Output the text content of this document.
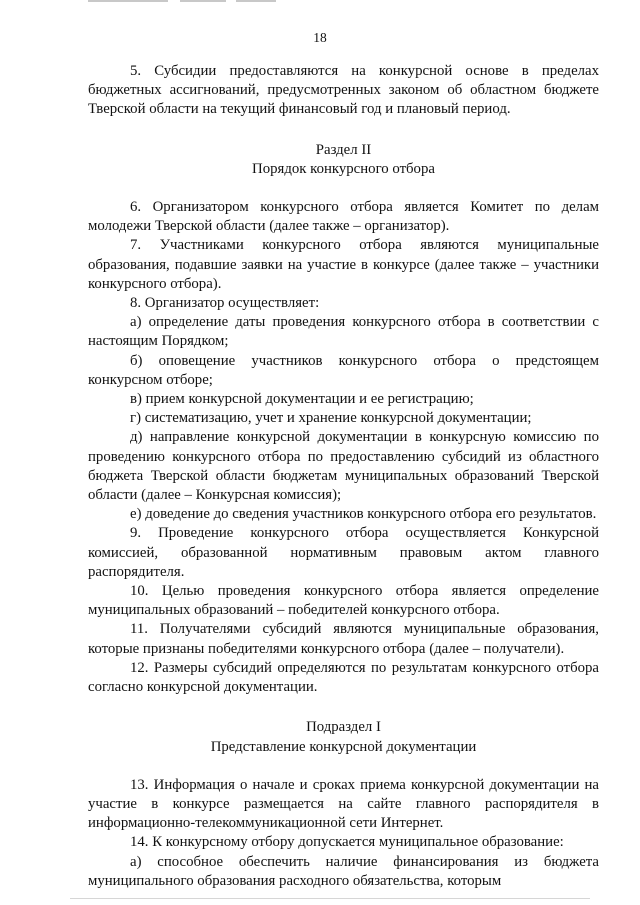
18

5. Субсидии предоставляются на конкурсной основе в пределах бюджетных ассигнований, предусмотренных законом об областном бюджете Тверской области на текущий финансовый год и плановый период.

Раздел II

Порядок конкурсного отбора

6. Организатором конкурсного отбора является Комитет по делам молодежи Тверской области (далее также – организатор).

7. Участниками конкурсного отбора являются муниципальные образования, подавшие заявки на участие в конкурсе (далее также – участники конкурсного отбора).

8. Организатор осуществляет:

а) определение даты проведения конкурсного отбора в соответствии с настоящим Порядком;

б) оповещение участников конкурсного отбора о предстоящем конкурсном отборе;

в) прием конкурсной документации и ее регистрацию;

г) систематизацию, учет и хранение конкурсной документации;

д) направление конкурсной документации в конкурсную комиссию по проведению конкурсного отбора по предоставлению субсидий из областного бюджета Тверской области бюджетам муниципальных образований Тверской области (далее – Конкурсная комиссия);

е) доведение до сведения участников конкурсного отбора его результатов.

9. Проведение конкурсного отбора осуществляется Конкурсной комиссией, образованной нормативным правовым актом главного распорядителя.

10. Целью проведения конкурсного отбора является определение муниципальных образований – победителей конкурсного отбора.

11. Получателями субсидий являются муниципальные образования, которые признаны победителями конкурсного отбора (далее – получатели).

12. Размеры субсидий определяются по результатам конкурсного отбора согласно конкурсной документации.

Подраздел I

Представление конкурсной документации

13. Информация о начале и сроках приема конкурсной документации на участие в конкурсе размещается на сайте главного распорядителя в информационно-телекоммуникационной сети Интернет.

14. К конкурсному отбору допускается муниципальное образование:

а) способное обеспечить наличие финансирования из бюджета муниципального образования расходного обязательства, которым
